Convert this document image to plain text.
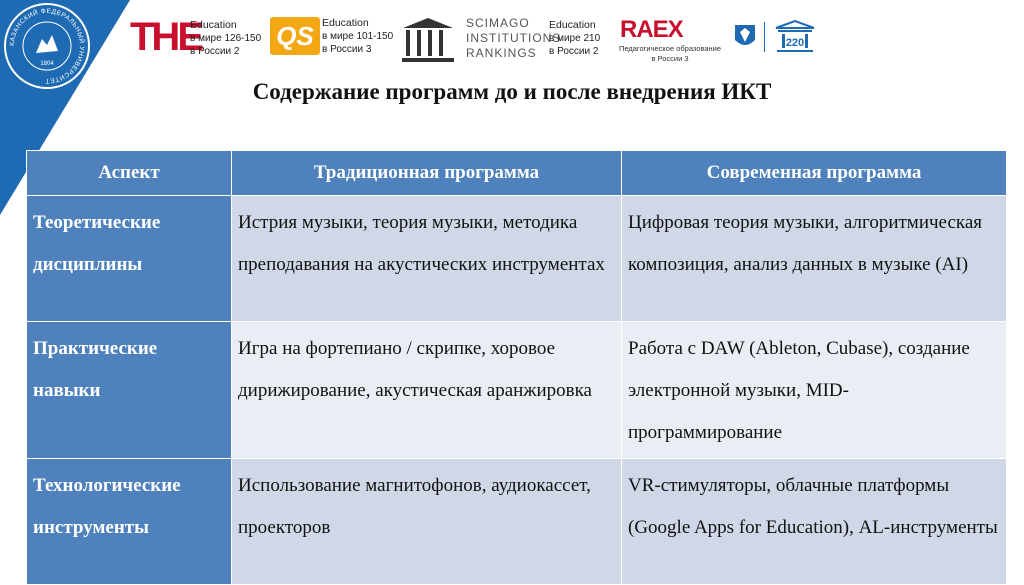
КАЗАНСКИЙ ФЕДЕРАЛЬНЫЙ УНИВЕРСИТЕТ
1804
THE
Education
в мире 126-150
в России 2
QS Education
в мире 101-150
в России 3
SCIMAGO
INSTITUTIONS
RANKINGS
Education
в мире 210
в России 2
RAEX
Педагогическое образование
в России 3
220
Содержание программ до и после внедрения ИКТ
Аспект	Традиционная программа	Современная программа

Теоретические дисциплины	Истрия музыки, теория музыки, методика преподавания на акустических инструментах	Цифровая теория музыки, алгоритмическая композиция, анализ данных в музыке (AI)

Практические навыки	Игра на фортепиано / скрипке, хоровое дирижирование, акустическая аранжировка	Работа с DAW (Ableton, Cubase), создание электронной музыки, MID-программирование

Технологические инструменты	Использование магнитофонов, аудиокассет, проекторов	VR-стимуляторы, облачные платформы (Google Apps for Education), AL-инструменты
